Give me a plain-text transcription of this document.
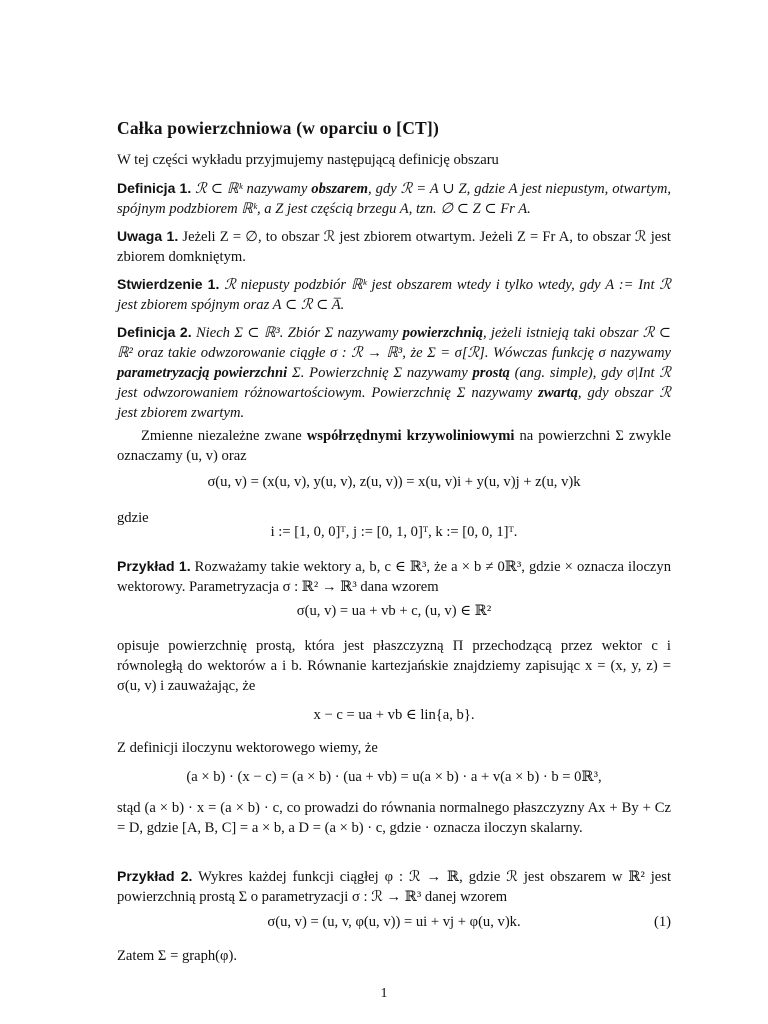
Całka powierzchniowa (w oparciu o [CT])
W tej części wykładu przyjmujemy następującą definicję obszaru
Definicja 1. ℛ ⊂ ℝᵏ nazywamy obszarem, gdy ℛ = A ∪ Z, gdzie A jest niepustym, otwartym, spójnym podzbiorem ℝᵏ, a Z jest częścią brzegu A, tzn. ∅ ⊂ Z ⊂ Fr A.
Uwaga 1. Jeżeli Z = ∅, to obszar ℛ jest zbiorem otwartym. Jeżeli Z = Fr A, to obszar ℛ jest zbiorem domkniętym.
Stwierdzenie 1. ℛ niepusty podzbiór ℝᵏ jest obszarem wtedy i tylko wtedy, gdy A := Int ℛ jest zbiorem spójnym oraz A ⊂ ℛ ⊂ A̅.
Definicja 2. Niech Σ ⊂ ℝ³. Zbiór Σ nazywamy powierzchnią, jeżeli istnieją taki obszar ℛ ⊂ ℝ² oraz takie odwzorowanie ciągłe σ : ℛ → ℝ³, że Σ = σ[ℛ]. Wówczas funkcję σ nazywamy parametryzacją powierzchni Σ. Powierzchnię Σ nazywamy prostą (ang. simple), gdy σ|Int ℛ jest odwzorowaniem różnowartościowym. Powierzchnię Σ nazywamy zwartą, gdy obszar ℛ jest zbiorem zwartym.
Zmienne niezależne zwane współrzędnymi krzywoliniowymi na powierzchni Σ zwykle oznaczamy (u, v) oraz
σ(u, v) = (x(u, v), y(u, v), z(u, v)) = x(u, v)i + y(u, v)j + z(u, v)k
gdzie
i := [1, 0, 0]ᵀ, j := [0, 1, 0]ᵀ, k := [0, 0, 1]ᵀ.
Przykład 1. Rozważamy takie wektory a, b, c ∈ ℝ³, że a × b ≠ 0ℝ³, gdzie × oznacza iloczyn wektorowy. Parametryzacja σ : ℝ² → ℝ³ dana wzorem
σ(u, v) = ua + vb + c, (u, v) ∈ ℝ²
opisuje powierzchnię prostą, która jest płaszczyzną Π przechodzącą przez wektor c i równoległą do wektorów a i b. Równanie kartezjańskie znajdziemy zapisując x = (x, y, z) = σ(u, v) i zauważając, że
x − c = ua + vb ∈ lin{a, b}.
Z definicji iloczynu wektorowego wiemy, że
(a × b) · (x − c) = (a × b) · (ua + vb) = u(a × b) · a + v(a × b) · b = 0ℝ³,
stąd (a × b) · x = (a × b) · c, co prowadzi do równania normalnego płaszczyzny Ax + By + Cz = D, gdzie [A, B, C] = a × b, a D = (a × b) · c, gdzie · oznacza iloczyn skalarny.
Przykład 2. Wykres każdej funkcji ciągłej φ : ℛ → ℝ, gdzie ℛ jest obszarem w ℝ² jest powierzchnią prostą Σ o parametryzacji σ : ℛ → ℝ³ danej wzorem
σ(u, v) = (u, v, φ(u, v)) = ui + vj + φ(u, v)k.	(1)
Zatem Σ = graph(φ).
1
